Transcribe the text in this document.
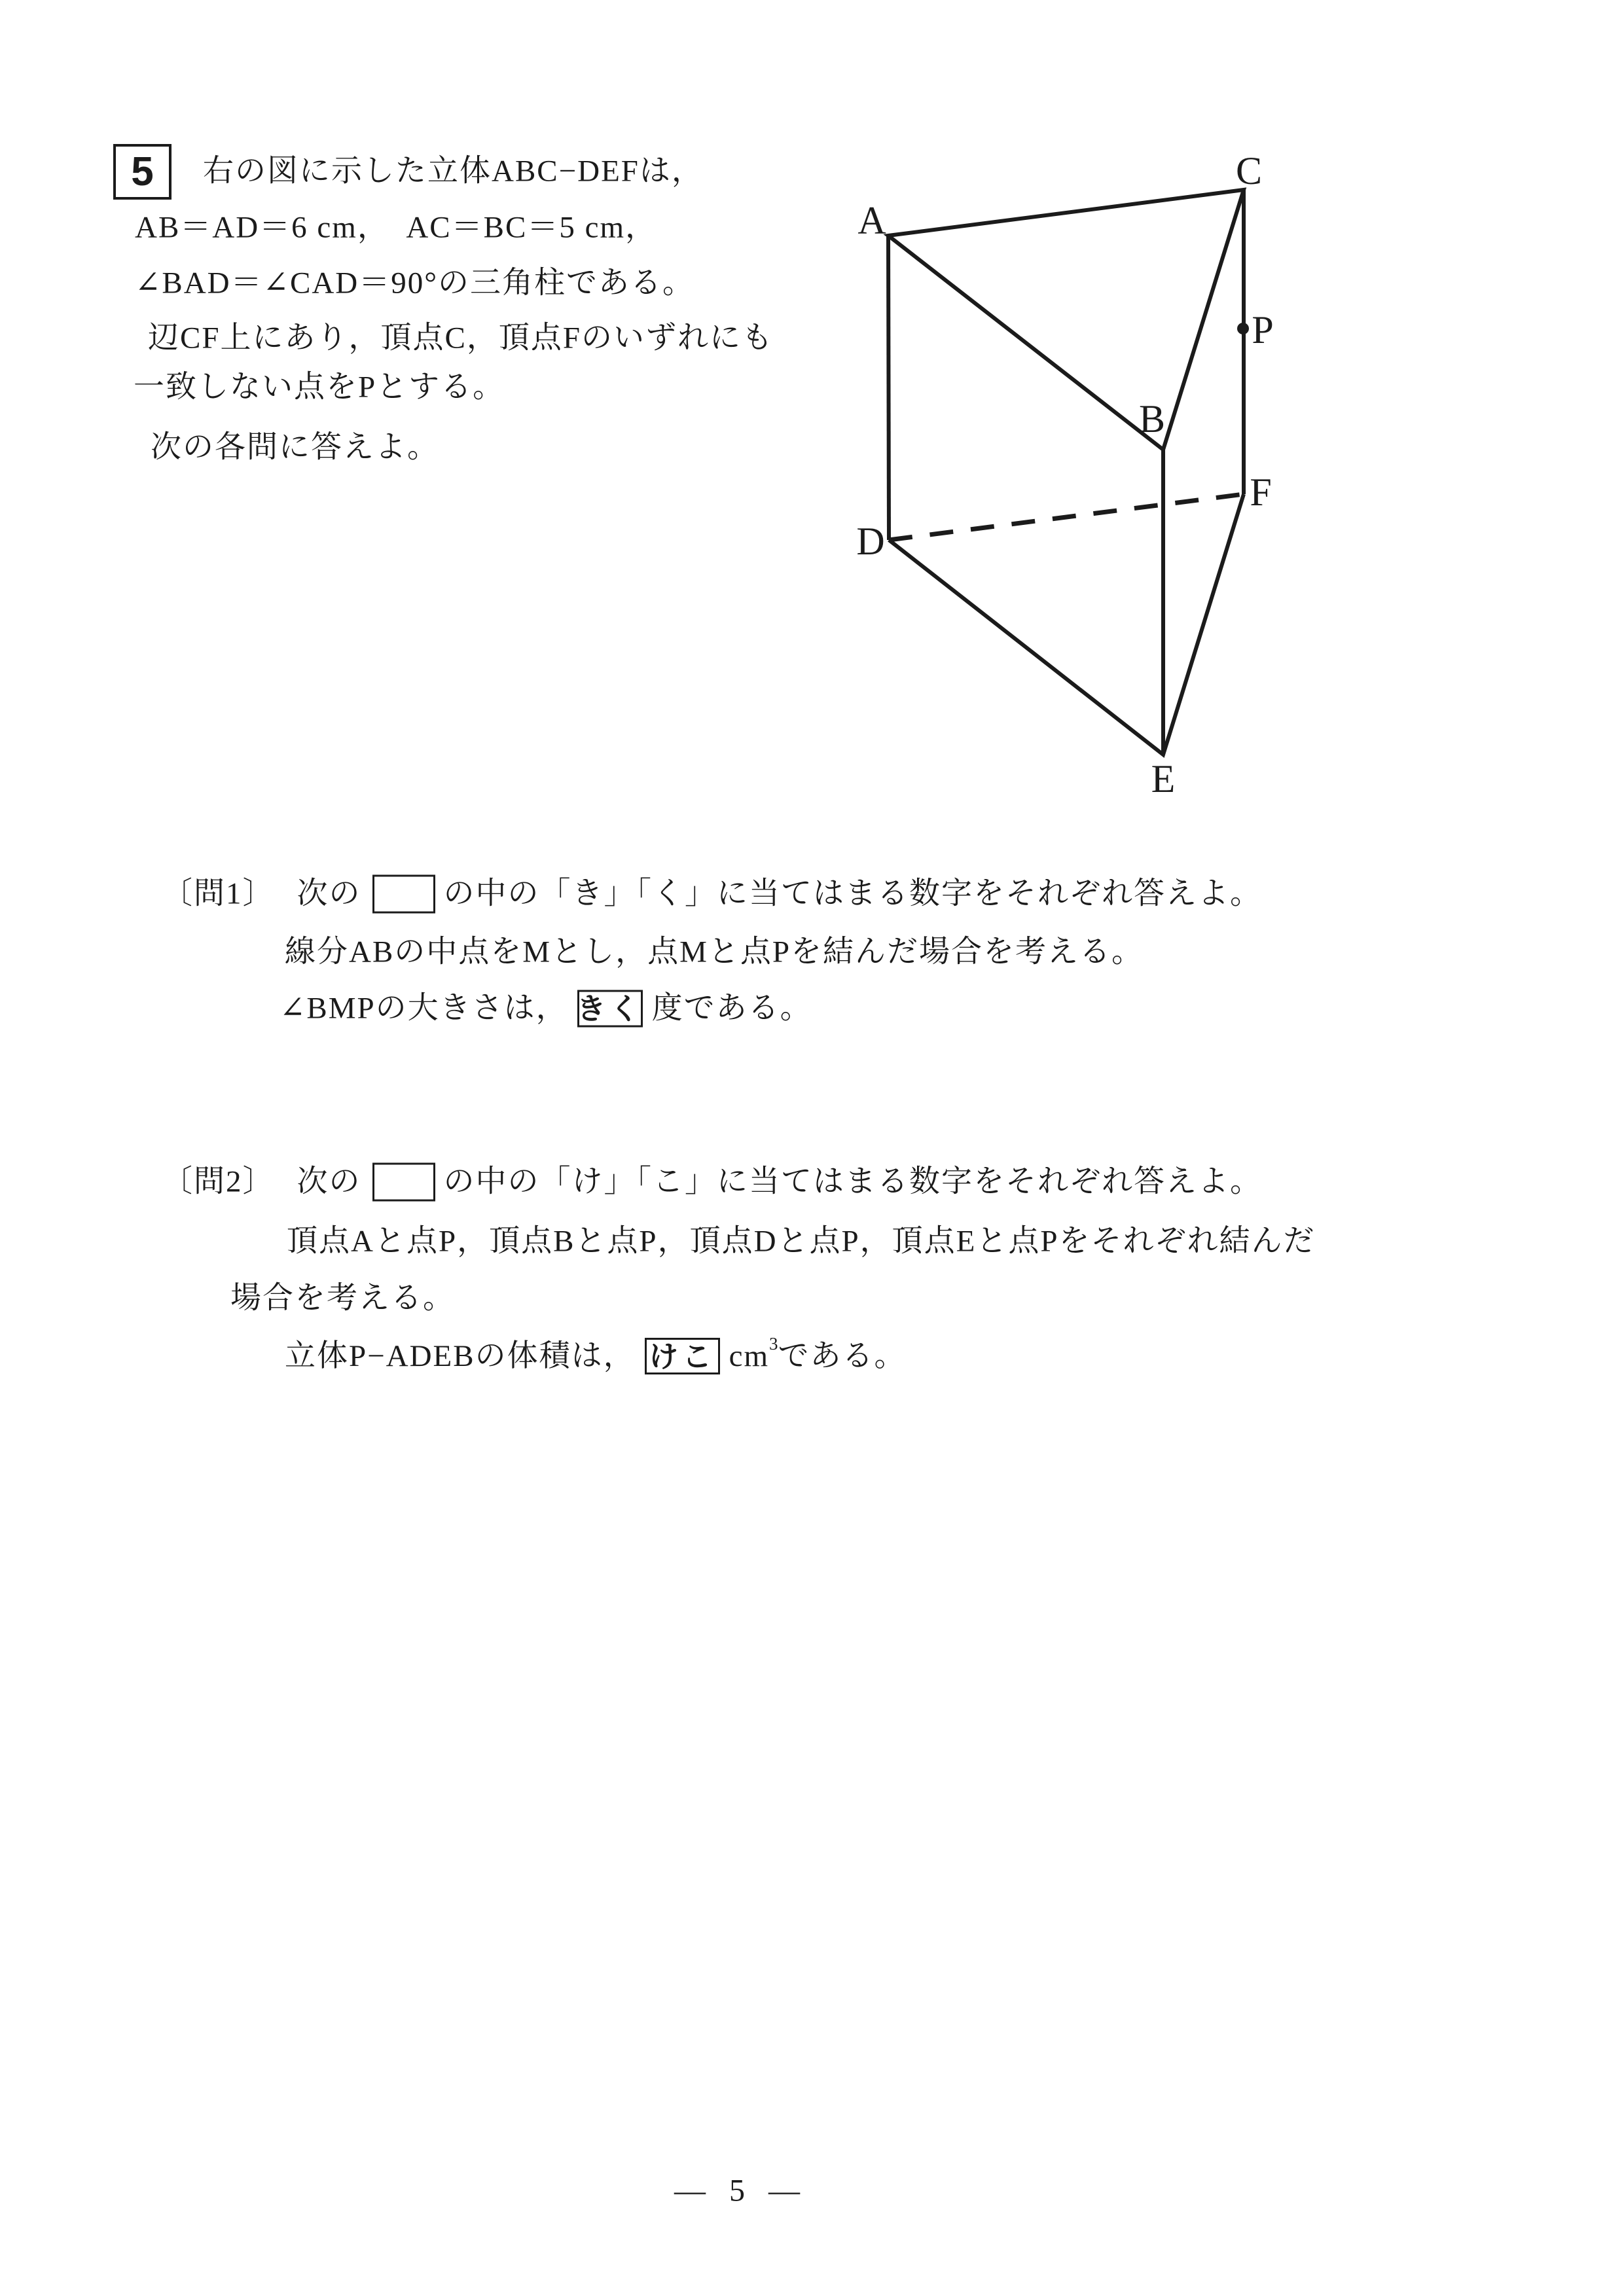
5 右の図に示した立体ABC−DEFは，
AB＝AD＝6 cm，　AC＝BC＝5 cm，
∠BAD＝∠CAD＝90°の三角柱である。
辺CF上にあり，頂点C，頂点Fのいずれにも
一致しない点をPとする。
次の各問に答えよ。
A
B
C
D
E
F
P
〔問1〕 次の	の中の「き」「く」に当てはまる数字をそれぞれ答えよ。
線分ABの中点をMとし，点Mと点Pを結んだ場合を考える。
∠BMPの大きさは， きく 度である。
〔問2〕 次の	の中の「け」「こ」に当てはまる数字をそれぞれ答えよ。
頂点Aと点P，頂点Bと点P，頂点Dと点P，頂点Eと点Pをそれぞれ結んだ
場合を考える。
立体P−ADEBの体積は， けこ cm 3 である。
— 5 —
